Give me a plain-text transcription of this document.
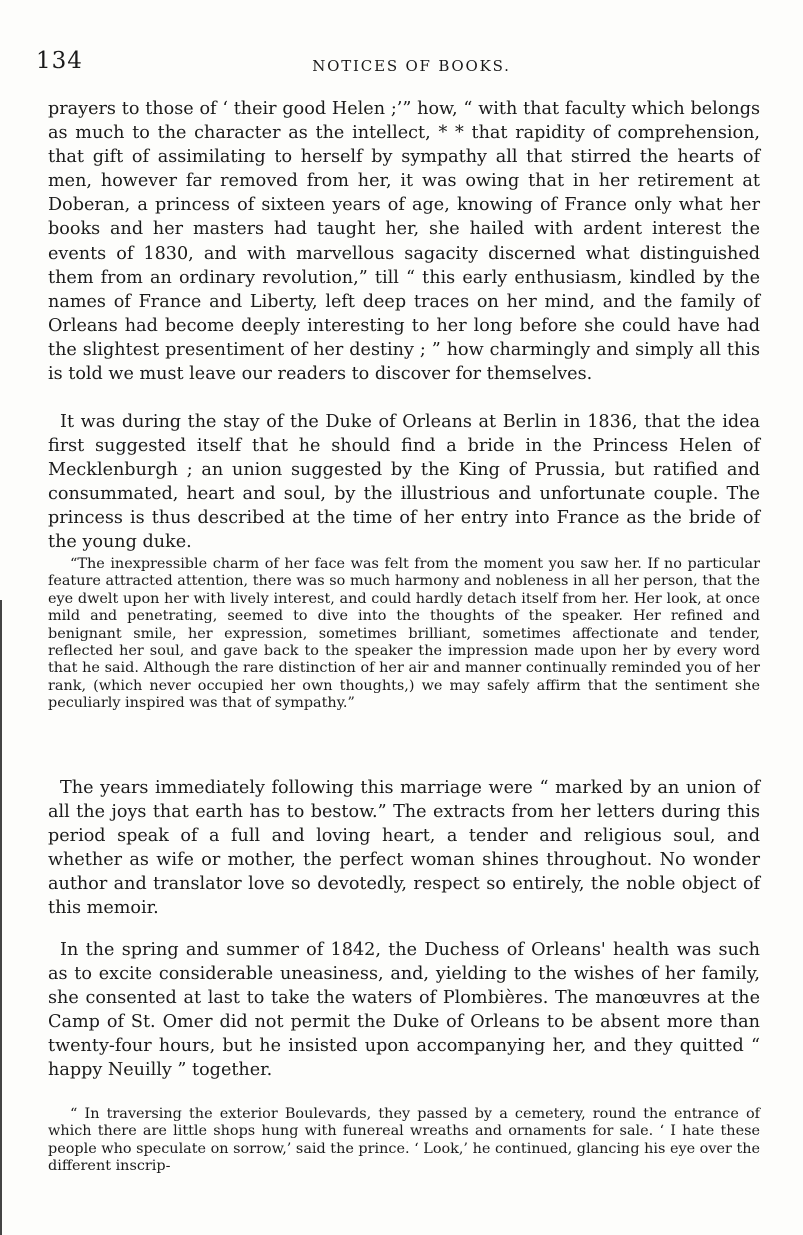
134	NOTICES OF BOOKS.

prayers to those of ‘ their good Helen ;’” how, “ with that faculty which belongs as much to the character as the intellect, * * that rapidity of comprehension, that gift of assimilating to herself by sympathy all that stirred the hearts of men, however far removed from her, it was owing that in her retirement at Doberan, a princess of sixteen years of age, knowing of France only what her books and her masters had taught her, she hailed with ardent interest the events of 1830, and with marvellous sagacity discerned what distinguished them from an ordinary revolution,” till “ this early enthusiasm, kindled by the names of France and Liberty, left deep traces on her mind, and the family of Orleans had become deeply interesting to her long before she could have had the slightest presentiment of her destiny ; ” how charmingly and simply all this is told we must leave our readers to discover for themselves.

It was during the stay of the Duke of Orleans at Berlin in 1836, that the idea first suggested itself that he should find a bride in the Princess Helen of Mecklenburgh ; an union suggested by the King of Prussia, but ratified and consummated, heart and soul, by the illustrious and unfortunate couple. The princess is thus described at the time of her entry into France as the bride of the young duke.

“The inexpressible charm of her face was felt from the moment you saw her. If no particular feature attracted attention, there was so much harmony and nobleness in all her person, that the eye dwelt upon her with lively interest, and could hardly detach itself from her. Her look, at once mild and penetrating, seemed to dive into the thoughts of the speaker. Her refined and benignant smile, her expression, sometimes brilliant, sometimes affectionate and tender, reflected her soul, and gave back to the speaker the impression made upon her by every word that he said. Although the rare distinction of her air and manner continually reminded you of her rank, (which never occupied her own thoughts,) we may safely affirm that the sentiment she peculiarly inspired was that of sympathy.”

The years immediately following this marriage were “ marked by an union of all the joys that earth has to bestow.” The extracts from her letters during this period speak of a full and loving heart, a tender and religious soul, and whether as wife or mother, the perfect woman shines throughout. No wonder author and translator love so devotedly, respect so entirely, the noble object of this memoir.

In the spring and summer of 1842, the Duchess of Orleans' health was such as to excite considerable uneasiness, and, yielding to the wishes of her family, she consented at last to take the waters of Plombières. The manœuvres at the Camp of St. Omer did not permit the Duke of Orleans to be absent more than twenty-four hours, but he insisted upon accompanying her, and they quitted “ happy Neuilly ” together.

“ In traversing the exterior Boulevards, they passed by a cemetery, round the entrance of which there are little shops hung with funereal wreaths and ornaments for sale. ‘ I hate these people who speculate on sorrow,’ said the prince. ‘ Look,’ he continued, glancing his eye over the different inscrip-
